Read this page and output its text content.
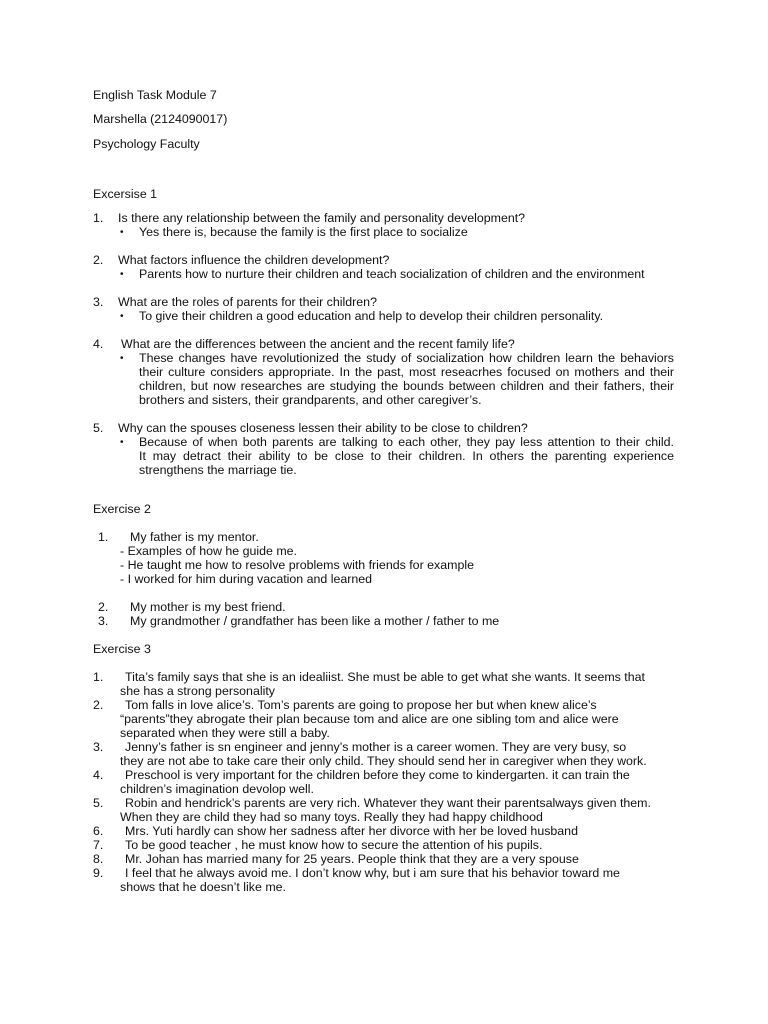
English Task Module 7

Marshella (2124090017)

Psychology Faculty

Excersise 1

1. Is there any relationship between the family and personality development?

• Yes there is, because the family is the first place to socialize

2. What factors influence the children development?

• Parents how to nurture their children and teach socialization of children and the environment

3. What are the roles of parents for their children?

• To give their children a good education and help to develop their children personality.

4. What are the differences between the ancient and the recent family life?

• These changes have revolutionized the study of socialization how children learn the behaviors

their culture considers appropriate. In the past, most reseacrhes focused on mothers and their

children, but now researches are studying the bounds between children and their fathers, their

brothers and sisters, their grandparents, and other caregiver’s.

5. Why can the spouses closeness lessen their ability to be close to children?

• Because of when both parents are talking to each other, they pay less attention to their child.

It may detract their ability to be close to their children. In others the parenting experience

strengthens the marriage tie.

Exercise 2

1. My father is my mentor.

- Examples of how he guide me.

- He taught me how to resolve problems with friends for example

- I worked for him during vacation and learned

2. My mother is my best friend.

3. My grandmother / grandfather has been like a mother / father to me

Exercise 3

1. Tita’s family says that she is an idealiist. She must be able to get what she wants. It seems that

she has a strong personality

2. Tom falls in love alice’s. Tom’s parents are going to propose her but when knew alice’s

“parents”they abrogate their plan because tom and alice are one sibling tom and alice were

separated when they were still a baby.

3. Jenny’s father is sn engineer and jenny’s mother is a career women. They are very busy, so

they are not abe to take care their only child. They should send her in caregiver when they work.

4. Preschool is very important for the children before they come to kindergarten. it can train the

children’s imagination devolop well.

5. Robin and hendrick’s parents are very rich. Whatever they want their parentsalways given them.

When they are child they had so many toys. Really they had happy childhood

6. Mrs. Yuti hardly can show her sadness after her divorce with her be loved husband

7. To be good teacher , he must know how to secure the attention of his pupils.

8. Mr. Johan has married many for 25 years. People think that they are a very spouse

9. I feel that he always avoid me. I don’t know why, but i am sure that his behavior toward me

shows that he doesn’t like me.
